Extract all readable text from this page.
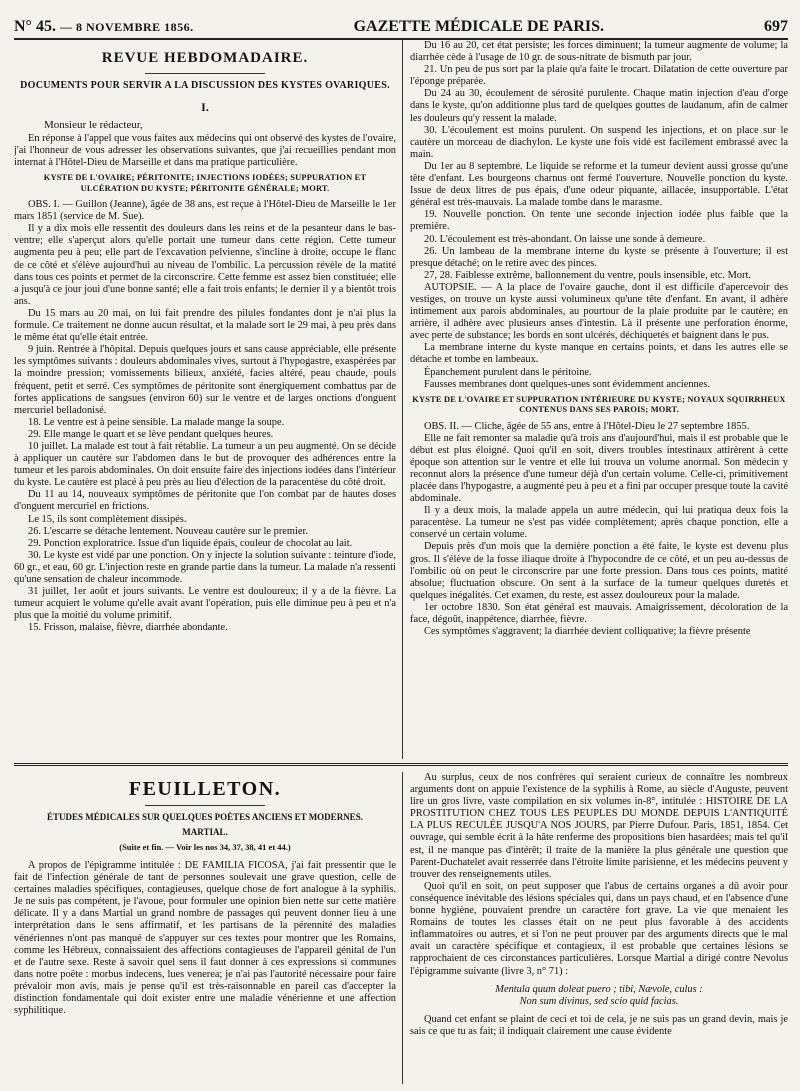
N° 45. — 8 NOVEMBRE 1856.	GAZETTE MÉDICALE DE PARIS.	697
REVUE HEBDOMADAIRE.
DOCUMENTS POUR SERVIR A LA DISCUSSION DES KYSTES OVARIQUES.
I.
Monsieur le rédacteur,

En réponse à l'appel que vous faites aux médecins qui ont observé des kystes de l'ovaire, j'ai l'honneur de vous adresser les observations suivantes, que j'ai recueillies pendant mon internat à l'Hôtel-Dieu de Marseille et dans ma pratique particulière.

KYSTE DE L'OVAIRE; PÉRITONITE; INJECTIONS IODÉES; SUPPURATION ET ULCÉRATION DU KYSTE; PÉRITONITE GÉNÉRALE; MORT.

OBS. I. — Guillon (Jeanne), âgée de 38 ans, est reçue à l'Hôtel-Dieu de Marseille le 1er mars 1851 (service de M. Sue).

Il y a dix mois elle ressentit des douleurs dans les reins et de la pesanteur dans le bas-ventre; elle s'aperçut alors qu'elle portait une tumeur dans cette région. Cette tumeur augmenta peu à peu; elle part de l'excavation pelvienne, s'incline à droite, occupe le flanc de ce côté et s'élève aujourd'hui au niveau de l'ombilic. La percussion révèle de la matité dans tous ces points et permet de la circonscrire. Cette femme est assez bien constituée; elle a jusqu'à ce jour joui d'une bonne santé; elle a fait trois enfants; le dernier il y a bientôt trois ans.

Du 15 mars au 20 mai, on lui fait prendre des pilules fondantes dont je n'ai plus la formule. Ce traitement ne donne aucun résultat, et la malade sort le 29 mai, à peu près dans le même état qu'elle était entrée.

9 juin. Rentrée à l'hôpital. Depuis quelques jours et sans cause appréciable, elle présente les symptômes suivants : douleurs abdominales vives, surtout à l'hypogastre, exaspérées par la moindre pression; vomissements bilieux, anxiété, facies altéré, peau chaude, pouls fréquent, petit et serré. Ces symptômes de péritonite sont énergiquement combattus par de fortes applications de sangsues (environ 60) sur le ventre et de larges onctions d'onguent mercuriel belladonisé.

18. Le ventre est à peine sensible. La malade mange la soupe.

29. Elle mange le quart et se lève pendant quelques heures.

10 juillet. La malade est tout à fait rétablie. La tumeur a un peu augmenté. On se décide à appliquer un cautère sur l'abdomen dans le but de provoquer des adhérences entre la tumeur et les parois abdominales. On doit ensuite faire des injections iodées dans l'intérieur du kyste. Le cautère est placé à peu près au lieu d'élection de la paracentèse du côté droit.

Du 11 au 14, nouveaux symptômes de péritonite que l'on combat par de hautes doses d'onguent mercuriel en frictions.

Le 15, ils sont complètement dissipés.

26. L'escarre se détache lentement. Nouveau cautère sur le premier.

29. Ponction exploratrice. Issue d'un liquide épais, couleur de chocolat au lait.

30. Le kyste est vidé par une ponction. On y injecte la solution suivante : teinture d'iode, 60 gr., et eau, 60 gr. L'injection reste en grande partie dans la tumeur. La malade n'a ressenti qu'une sensation de chaleur incommode.

31 juillet, 1er août et jours suivants. Le ventre est douloureux; il y a de la fièvre. La tumeur acquiert le volume qu'elle avait avant l'opération, puis elle diminue peu à peu et n'a plus que la moitié du volume primitif.

15. Frisson, malaise, fièvre, diarrhée abondante.

Du 16 au 20, cet état persiste; les forces diminuent; la tumeur augmente de volume; la diarrhée cède à l'usage de 10 gr. de sous-nitrate de bismuth par jour.

21. Un peu de pus sort par la plaie qu'a faite le trocart. Dilatation de cette ouverture par l'éponge préparée.

Du 24 au 30, écoulement de sérosité purulente. Chaque matin injection d'eau d'orge dans le kyste, qu'on additionne plus tard de quelques gouttes de laudanum, afin de calmer les douleurs qu'y ressent la malade.

30. L'écoulement est moins purulent. On suspend les injections, et on place sur le cautère un morceau de diachylon. Le kyste une fois vidé est facilement embrassé avec la main.

Du 1er au 8 septembre. Le liquide se reforme et la tumeur devient aussi grosse qu'une tête d'enfant. Les bourgeons charnus ont fermé l'ouverture. Nouvelle ponction du kyste. Issue de deux litres de pus épais, d'une odeur piquante, aillacée, insupportable. L'état général est très-mauvais. La malade tombe dans le marasme.

19. Nouvelle ponction. On tente une seconde injection iodée plus faible que la première.

20. L'écoulement est très-abondant. On laisse une sonde à demeure.

26. Un lambeau de la membrane interne du kyste se présente à l'ouverture; il est presque détaché; on le retire avec des pinces.

27, 28. Faiblesse extrême, ballonnement du ventre, pouls insensible, etc. Mort.

AUTOPSIE. — A la place de l'ovaire gauche, dont il est difficile d'apercevoir des vestiges, on trouve un kyste aussi volumineux qu'une tête d'enfant. En avant, il adhère intimement aux parois abdominales, au pourtour de la plaie produite par le cautère; en arrière, il adhère avec plusieurs anses d'intestin. Là il présente une perforation énorme, avec perte de substance; les bords en sont ulcérés, déchiquetés et baignent dans le pus.

La membrane interne du kyste manque en certains points, et dans les autres elle se détache et tombe en lambeaux.

Épanchement purulent dans le péritoine.

Fausses membranes dont quelques-unes sont évidemment anciennes.

KYSTE DE L'OVAIRE ET SUPPURATION INTÉRIEURE DU KYSTE; NOYAUX SQUIRRHEUX CONTENUS DANS SES PAROIS; MORT.

OBS. II. — Cliche, âgée de 55 ans, entre à l'Hôtel-Dieu le 27 septembre 1855.

Elle ne fait remonter sa maladie qu'à trois ans d'aujourd'hui, mais il est probable que le début est plus éloigné. Quoi qu'il en soit, divers troubles intestinaux attirèrent à cette époque son attention sur le ventre et elle lui trouva un volume anormal. Son médecin y reconnut alors la présence d'une tumeur déjà d'un certain volume. Celle-ci, primitivement placée dans l'hypogastre, a augmenté peu à peu et a fini par occuper presque toute la cavité abdominale.

Il y a deux mois, la malade appela un autre médecin, qui lui pratiqua deux fois la paracentèse. La tumeur ne s'est pas vidée complètement; après chaque ponction, elle a conservé un certain volume.

Depuis près d'un mois que la dernière ponction a été faite, le kyste est devenu plus gros. Il s'élève de la fosse iliaque droite à l'hypocondre de ce côté, et un peu au-dessus de l'ombilic où on peut le circonscrire par une forte pression. Dans tous ces points, matité absolue; fluctuation obscure. On sent à la surface de la tumeur quelques duretés et quelques inégalités. Cet examen, du reste, est assez douloureux pour la malade.

1er octobre 1830. Son état général est mauvais. Amaigrissement, décoloration de la face, dégoût, inappétence, diarrhée, fièvre.

Ces symptômes s'aggravent; la diarrhée devient colliquative; la fièvre présente

FEUILLETON.
ÉTUDES MÉDICALES SUR QUELQUES POÈTES ANCIENS ET MODERNES.
MARTIAL.
(Suite et fin. — Voir les nos 34, 37, 38, 41 et 44.)

A propos de l'épigramme intitulée : DE FAMILIA FICOSA, j'ai fait pressentir que le fait de l'infection générale de tant de personnes soulevait une grave question, celle de certaines maladies spécifiques, contagieuses, quelque chose de fort analogue à la syphilis. Je ne suis pas compétent, je l'avoue, pour formuler une opinion bien nette sur cette matière délicate. Il y a dans Martial un grand nombre de passages qui peuvent donner lieu à une interprétation dans le sens affirmatif, et les partisans de la pérennité des maladies vénériennes n'ont pas manqué de s'appuyer sur ces textes pour montrer que les Romains, comme les Hébreux, connaissaient des affections contagieuses de l'appareil génital de l'un et de l'autre sexe. Reste à savoir quel sens il faut donner à ces expressions si communes dans notre poëte : morbus indecens, lues venerea; je n'ai pas l'autorité nécessaire pour faire prévaloir mon avis, mais je pense qu'il est très-raisonnable en pareil cas d'accepter la distinction fondamentale qui doit exister entre une maladie vénérienne et une affection syphilitique.

Au surplus, ceux de nos confrères qui seraient curieux de connaître les nombreux arguments dont on appuie l'existence de la syphilis à Rome, au siècle d'Auguste, peuvent lire un gros livre, vaste compilation en six volumes in-8°, intitulée : HISTOIRE DE LA PROSTITUTION CHEZ TOUS LES PEUPLES DU MONDE DEPUIS L'ANTIQUITÉ LA PLUS RECULÉE JUSQU'A NOS JOURS, par Pierre Dufour. Paris, 1851, 1854. Cet ouvrage, qui semble écrit à la hâte renferme des propositions bien hasardées; mais tel qu'il est, il ne manque pas d'intérêt; il traite de la manière la plus générale une question que Parent-Duchatelet avait resserrée dans l'étroite limite parisienne, et les médecins peuvent y trouver des renseignements utiles.

Quoi qu'il en soit, on peut supposer que l'abus de certains organes a dû avoir pour conséquence inévitable des lésions spéciales qui, dans un pays chaud, et en l'absence d'une bonne hygiène, pouvaient prendre un caractère fort grave. La vie que menaient les Romains de toutes les classes était on ne peut plus favorable à des accidents inflammatoires ou autres, et si l'on ne peut prouver par des arguments directs que le mal avait un caractère spécifique et contagieux, il est probable que certaines lésions se rapprochaient de ces circonstances particulières. Lorsque Martial a dirigé contre Nevolus l'épigramme suivante (livre 3, n° 71) :

Mentula quum doleat puero ; tibi, Nævole, culus :
Non sum divinus, sed scio quid facias.

Quand cet enfant se plaint de ceci et toi de cela, je ne suis pas un grand devin, mais je sais ce que tu as fait; il indiquait clairement une cause évidente
